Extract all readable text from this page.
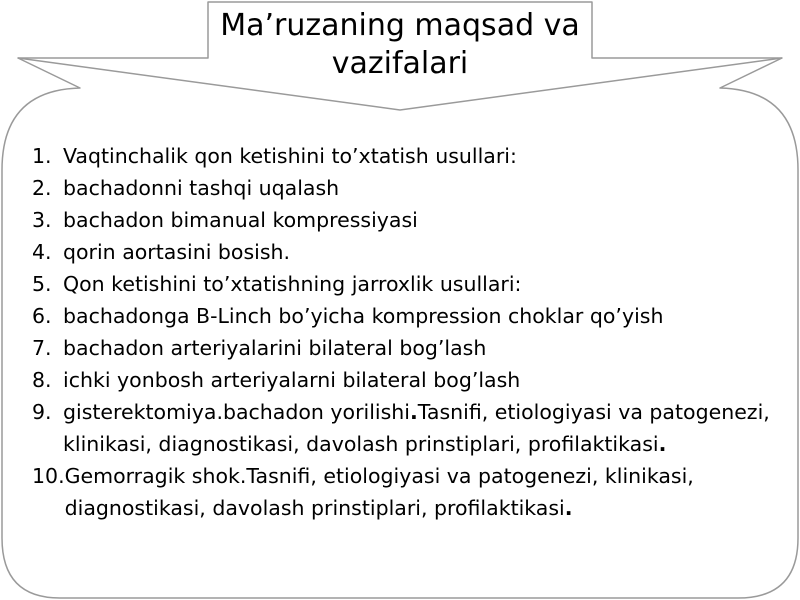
Ma’ruzaning maqsad va
vazifalari
1. Vaqtinchalik qon ketishini to’xtatish usullari:
2. bachadonni tashqi uqalash
3. bachadon bimanual kompressiyasi
4. qorin aortasini bosish.
5. Qon ketishini to’xtatishning jarroxlik usullari:
6. bachadonga B-Linch bo’yicha kompression choklar qo’yish
7. bachadon arteriyalarini bilateral bog’lash
8. ichki yonbosh arteriyalarni bilateral bog’lash
9. gisterektomiya.bachadon yorilishi.Tasnifi, etiologiyasi va patogenezi, klinikasi, diagnostikasi, davolash prinstiplari, profilaktikasi.
10. Gemorragik shok.Tasnifi, etiologiyasi va patogenezi, klinikasi, diagnostikasi, davolash prinstiplari, profilaktikasi.
